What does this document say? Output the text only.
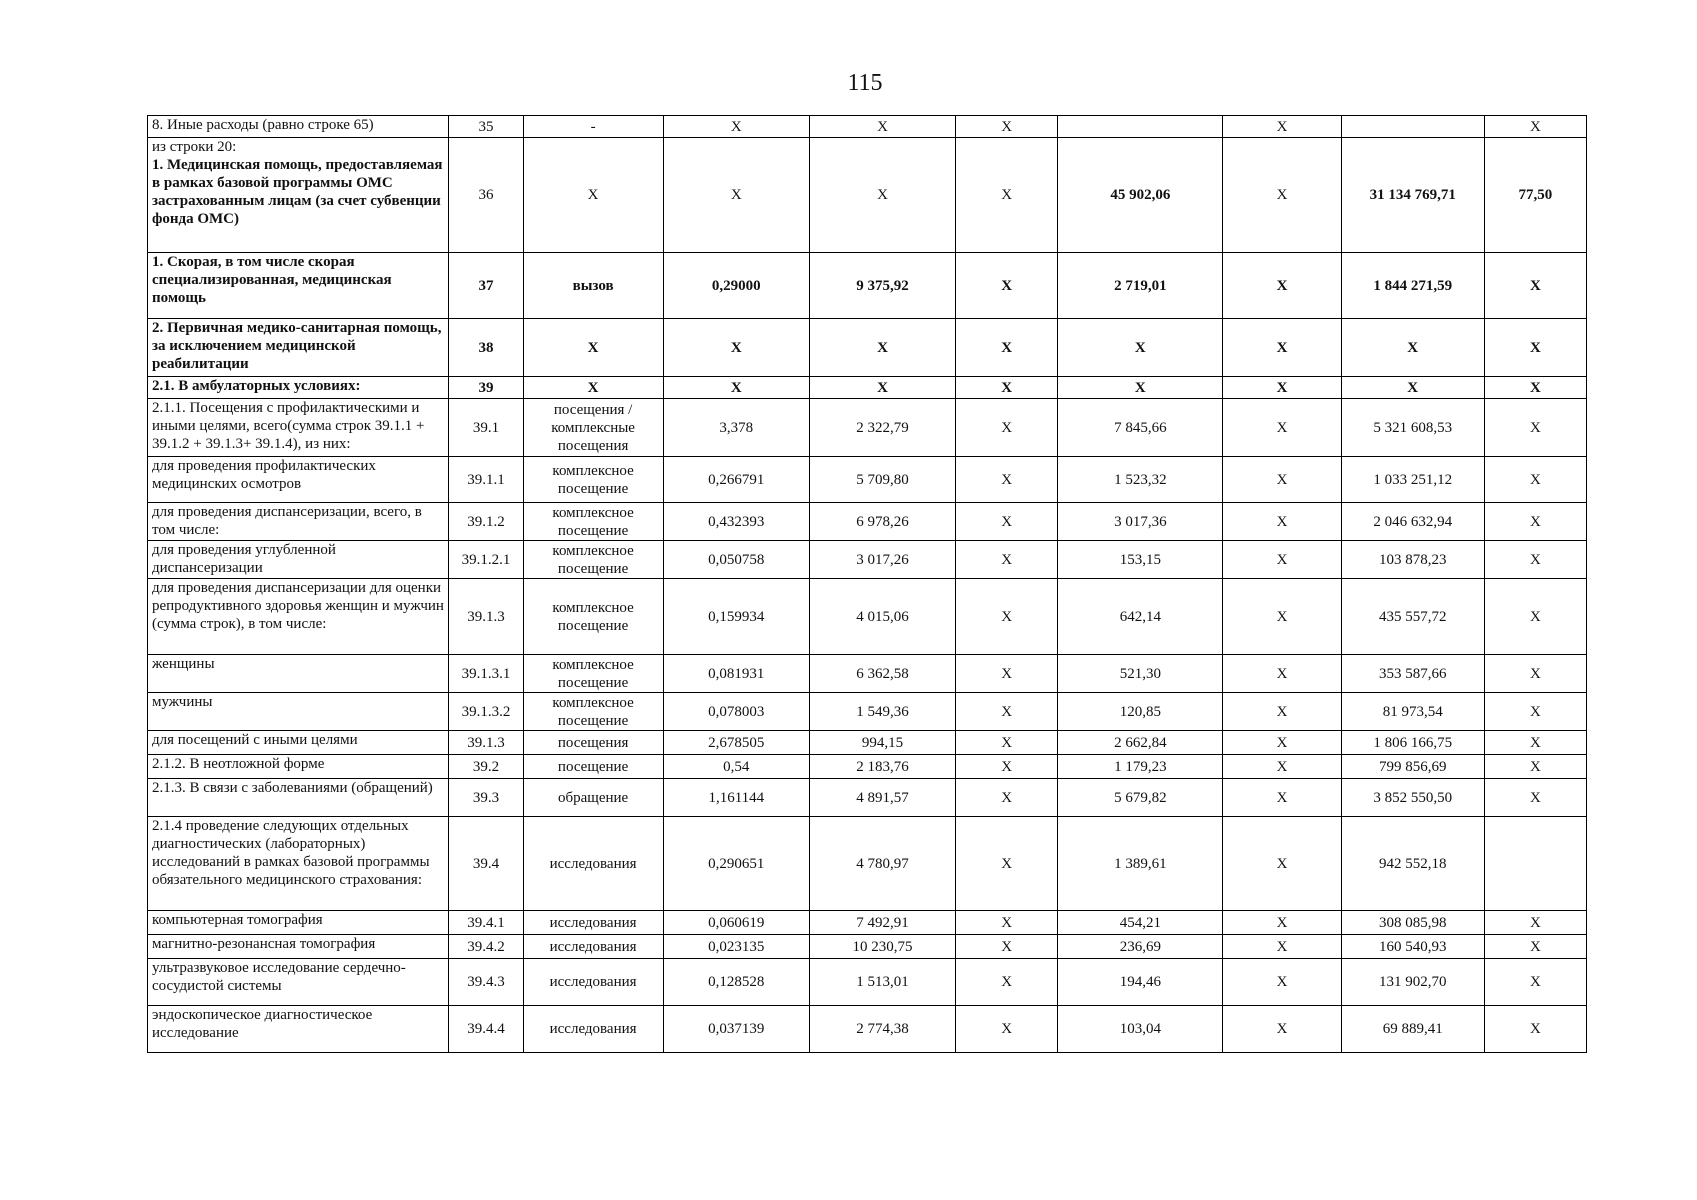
115
8. Иные расходы (равно строке 65)	35	-	Х	Х	Х		Х		Х
из строки 20:
1. Медицинская помощь, предоставляемая в рамках базовой программы ОМС застрахованным лицам (за счет субвенции фонда ОМС)	36	Х	Х	Х	Х	45 902,06	Х	31 134 769,71	77,50
1. Скорая, в том числе скорая специализированная, медицинская помощь	37	вызов	0,29000	9 375,92	Х	2 719,01	Х	1 844 271,59	Х
2. Первичная медико-санитарная помощь, за исключением медицинской реабилитации	38	Х	Х	Х	Х	Х	Х	Х	Х
2.1. В амбулаторных условиях:	39	Х	Х	Х	Х	Х	Х	Х	Х
2.1.1. Посещения с профилактическими и иными целями, всего(сумма строк 39.1.1 + 39.1.2 + 39.1.3+ 39.1.4), из них:	39.1	посещения / комплексные посещения	3,378	2 322,79	Х	7 845,66	Х	5 321 608,53	Х
для проведения профилактических медицинских осмотров	39.1.1	комплексное посещение	0,266791	5 709,80	Х	1 523,32	Х	1 033 251,12	Х
для проведения диспансеризации, всего, в том числе:	39.1.2	комплексное посещение	0,432393	6 978,26	Х	3 017,36	Х	2 046 632,94	Х
для проведения углубленной диспансеризации	39.1.2.1	комплексное посещение	0,050758	3 017,26	Х	153,15	Х	103 878,23	Х
для проведения диспансеризации для оценки репродуктивного здоровья женщин и мужчин (сумма строк), в том числе:	39.1.3	комплексное посещение	0,159934	4 015,06	Х	642,14	Х	435 557,72	Х
женщины	39.1.3.1	комплексное посещение	0,081931	6 362,58	Х	521,30	Х	353 587,66	Х
мужчины	39.1.3.2	комплексное посещение	0,078003	1 549,36	Х	120,85	Х	81 973,54	Х
для посещений с иными целями	39.1.3	посещения	2,678505	994,15	Х	2 662,84	Х	1 806 166,75	Х
2.1.2. В неотложной форме	39.2	посещение	0,54	2 183,76	Х	1 179,23	Х	799 856,69	Х
2.1.3. В связи с заболеваниями (обращений)	39.3	обращение	1,161144	4 891,57	Х	5 679,82	Х	3 852 550,50	Х
2.1.4 проведение следующих отдельных диагностических (лабораторных) исследований в рамках базовой программы обязательного медицинского страхования:	39.4	исследования	0,290651	4 780,97	Х	1 389,61	Х	942 552,18	
компьютерная томография	39.4.1	исследования	0,060619	7 492,91	Х	454,21	Х	308 085,98	Х
магнитно-резонансная томография	39.4.2	исследования	0,023135	10 230,75	Х	236,69	Х	160 540,93	Х
ультразвуковое исследование сердечно-сосудистой системы	39.4.3	исследования	0,128528	1 513,01	Х	194,46	Х	131 902,70	Х
эндоскопическое диагностическое исследование	39.4.4	исследования	0,037139	2 774,38	Х	103,04	Х	69 889,41	Х
